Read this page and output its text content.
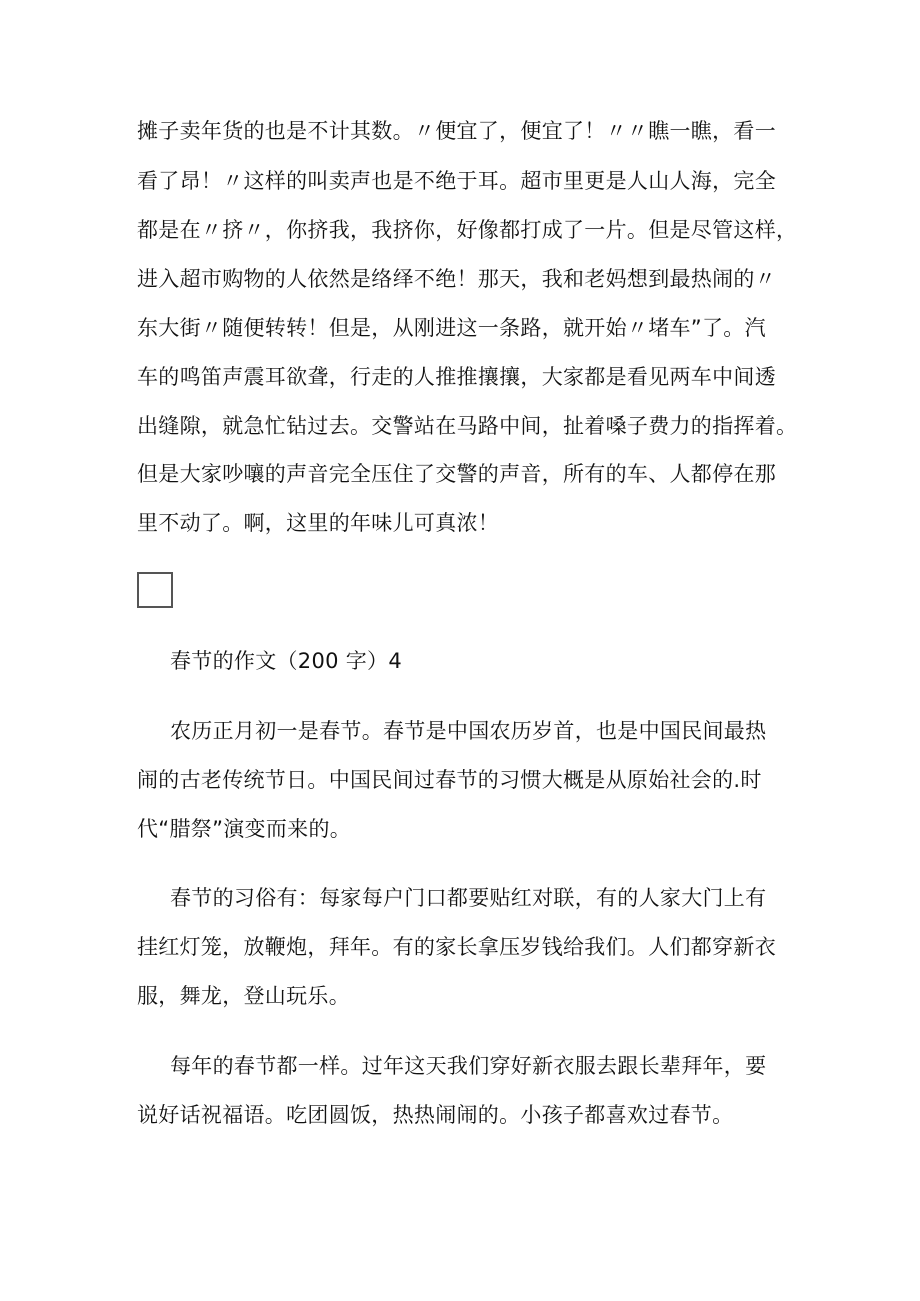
摊子卖年货的也是不计其数。〃便宜了，便宜了！〃〃瞧一瞧，看一
看了昂！〃这样的叫卖声也是不绝于耳。超市里更是人山人海，完全
都是在〃挤〃，你挤我，我挤你，好像都打成了一片。但是尽管这样，
进入超市购物的人依然是络绎不绝！那天，我和老妈想到最热闹的〃
东大街〃随便转转！但是，从刚进这一条路，就开始〃堵车”了。汽
车的鸣笛声震耳欲聋，行走的人推推攘攘，大家都是看见两车中间透
出缝隙，就急忙钻过去。交警站在马路中间，扯着嗓子费力的指挥着。
但是大家吵嚷的声音完全压住了交警的声音，所有的车、人都停在那
里不动了。啊，这里的年味儿可真浓！
春节的作文（200 字）4
农历正月初一是春节。春节是中国农历岁首，也是中国民间最热
闹的古老传统节日。中国民间过春节的习惯大概是从原始社会的.时
代“腊祭”演变而来的。
春节的习俗有：每家每户门口都要贴红对联，有的人家大门上有
挂红灯笼，放鞭炮，拜年。有的家长拿压岁钱给我们。人们都穿新衣
服，舞龙，登山玩乐。
每年的春节都一样。过年这天我们穿好新衣服去跟长辈拜年，要
说好话祝福语。吃团圆饭，热热闹闹的。小孩子都喜欢过春节。
